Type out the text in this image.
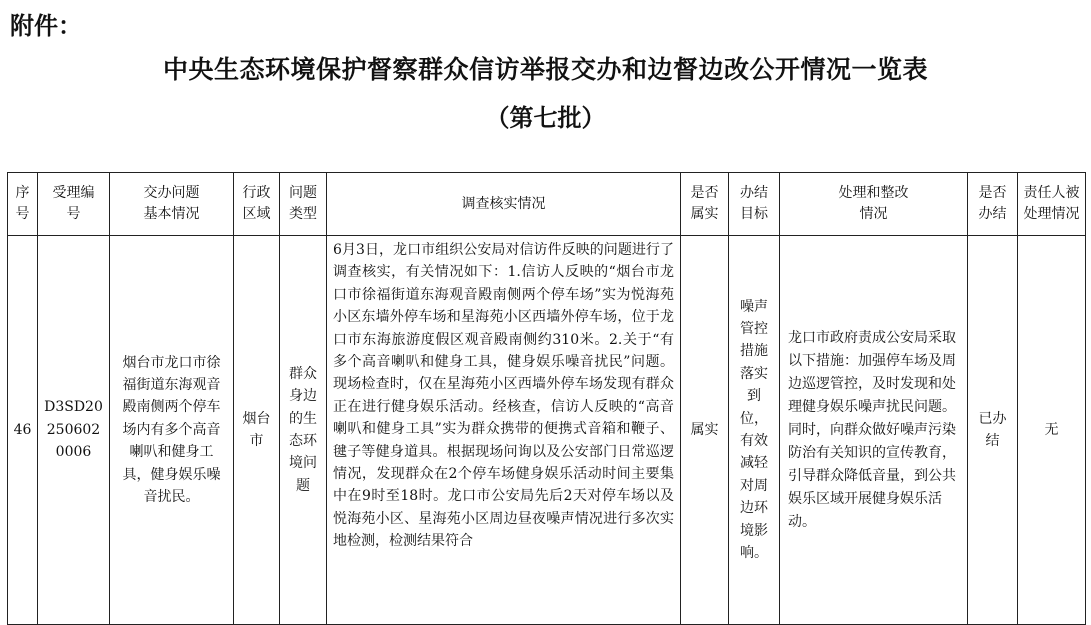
附件：
中央生态环境保护督察群众信访举报交办和边督边改公开情况一览表
（第七批）
序号	受理编号	交办问题基本情况	行政区域	问题类型	调查核实情况	是否属实	办结目标	处理和整改情况	是否办结	责任人被处理情况
46	D3SD202506020006	烟台市龙口市徐福街道东海观音殿南侧两个停车场内有多个高音喇叭和健身工具，健身娱乐噪音扰民。	烟台市	群众身边的生态环境问题	6月3日，龙口市组织公安局对信访件反映的问题进行了调查核实，有关情况如下：1.信访人反映的“烟台市龙口市徐福街道东海观音殿南侧两个停车场”实为悦海苑小区东墙外停车场和星海苑小区西墙外停车场，位于龙口市东海旅游度假区观音殿南侧约310米。2.关于“有多个高音喇叭和健身工具，健身娱乐噪音扰民”问题。现场检查时，仅在星海苑小区西墙外停车场发现有群众正在进行健身娱乐活动。经核查，信访人反映的“高音喇叭和健身工具”实为群众携带的便携式音箱和鞭子、毽子等健身道具。根据现场问询以及公安部门日常巡逻情况，发现群众在2个停车场健身娱乐活动时间主要集中在9时至18时。龙口市公安局先后2天对停车场以及悦海苑小区、星海苑小区周边昼夜噪声情况进行多次实地检测，检测结果符合	属实	噪声管控措施落实到位，有效减轻对周边环境影响。	龙口市政府责成公安局采取以下措施：加强停车场及周边巡逻管控，及时发现和处理健身娱乐噪声扰民问题。同时，向群众做好噪声污染防治有关知识的宣传教育，引导群众降低音量，到公共娱乐区域开展健身娱乐活动。	已办结	无
